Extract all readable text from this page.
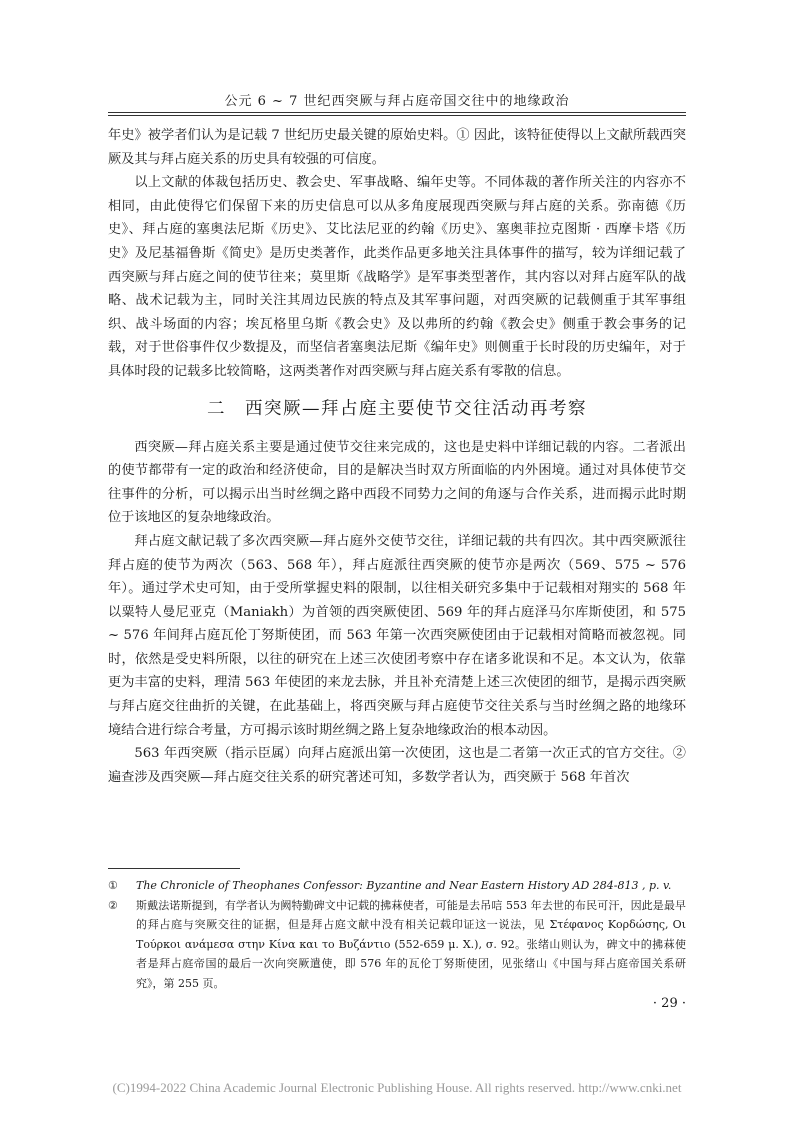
公元 6 ~ 7 世纪西突厥与拜占庭帝国交往中的地缘政治

年史》被学者们认为是记载 7 世纪历史最关键的原始史料。① 因此，该特征使得以上文献所载西突厥及其与拜占庭关系的历史具有较强的可信度。

以上文献的体裁包括历史、教会史、军事战略、编年史等。不同体裁的著作所关注的内容亦不相同，由此使得它们保留下来的历史信息可以从多角度展现西突厥与拜占庭的关系。弥南德《历史》、拜占庭的塞奥法尼斯《历史》、艾比法尼亚的约翰《历史》、塞奥菲拉克图斯 · 西摩卡塔《历史》及尼基福鲁斯《简史》是历史类著作，此类作品更多地关注具体事件的描写，较为详细记载了西突厥与拜占庭之间的使节往来；莫里斯《战略学》是军事类型著作，其内容以对拜占庭军队的战略、战术记载为主，同时关注其周边民族的特点及其军事问题，对西突厥的记载侧重于其军事组织、战斗场面的内容；埃瓦格里乌斯《教会史》及以弗所的约翰《教会史》侧重于教会事务的记载，对于世俗事件仅少数提及，而坚信者塞奥法尼斯《编年史》则侧重于长时段的历史编年，对于具体时段的记载多比较简略，这两类著作对西突厥与拜占庭关系有零散的信息。

二　西突厥—拜占庭主要使节交往活动再考察

西突厥—拜占庭关系主要是通过使节交往来完成的，这也是史料中详细记载的内容。二者派出的使节都带有一定的政治和经济使命，目的是解决当时双方所面临的内外困境。通过对具体使节交往事件的分析，可以揭示出当时丝绸之路中西段不同势力之间的角逐与合作关系，进而揭示此时期位于该地区的复杂地缘政治。

拜占庭文献记载了多次西突厥—拜占庭外交使节交往，详细记载的共有四次。其中西突厥派往拜占庭的使节为两次（563、568 年），拜占庭派往西突厥的使节亦是两次（569、575 ~ 576 年）。通过学术史可知，由于受所掌握史料的限制，以往相关研究多集中于记载相对翔实的 568 年以粟特人曼尼亚克（Maniakh）为首领的西突厥使团、569 年的拜占庭泽马尔库斯使团，和 575 ~ 576 年间拜占庭瓦伦丁努斯使团，而 563 年第一次西突厥使团由于记载相对简略而被忽视。同时，依然是受史料所限，以往的研究在上述三次使团考察中存在诸多讹误和不足。本文认为，依靠更为丰富的史料，理清 563 年使团的来龙去脉，并且补充清楚上述三次使团的细节，是揭示西突厥与拜占庭交往曲折的关键，在此基础上，将西突厥与拜占庭使节交往关系与当时丝绸之路的地缘环境结合进行综合考量，方可揭示该时期丝绸之路上复杂地缘政治的根本动因。

563 年西突厥（指示臣属）向拜占庭派出第一次使团，这也是二者第一次正式的官方交往。② 遍查涉及西突厥—拜占庭交往关系的研究著述可知，多数学者认为，西突厥于 568 年首次

① The Chronicle of Theophanes Confessor: Byzantine and Near Eastern History AD 284-813 , p. v.
② 斯戴法诺斯提到，有学者认为阙特勤碑文中记载的拂菻使者，可能是去吊唁 553 年去世的布民可汗，因此是最早的拜占庭与突厥交往的证据，但是拜占庭文献中没有相关记载印证这一说法，见 Στέφανος Κορδώσης, Οι Τούρκοι ανάμεσα στην Κίνα και το Βυζάντιο (552-659 μ. Χ.), σ. 92。张绪山则认为，碑文中的拂菻使者是拜占庭帝国的最后一次向突厥遣使，即 576 年的瓦伦丁努斯使团，见张绪山《中国与拜占庭帝国关系研究》，第 255 页。
· 29 ·
(C)1994-2022 China Academic Journal Electronic Publishing House. All rights reserved. http://www.cnki.net
